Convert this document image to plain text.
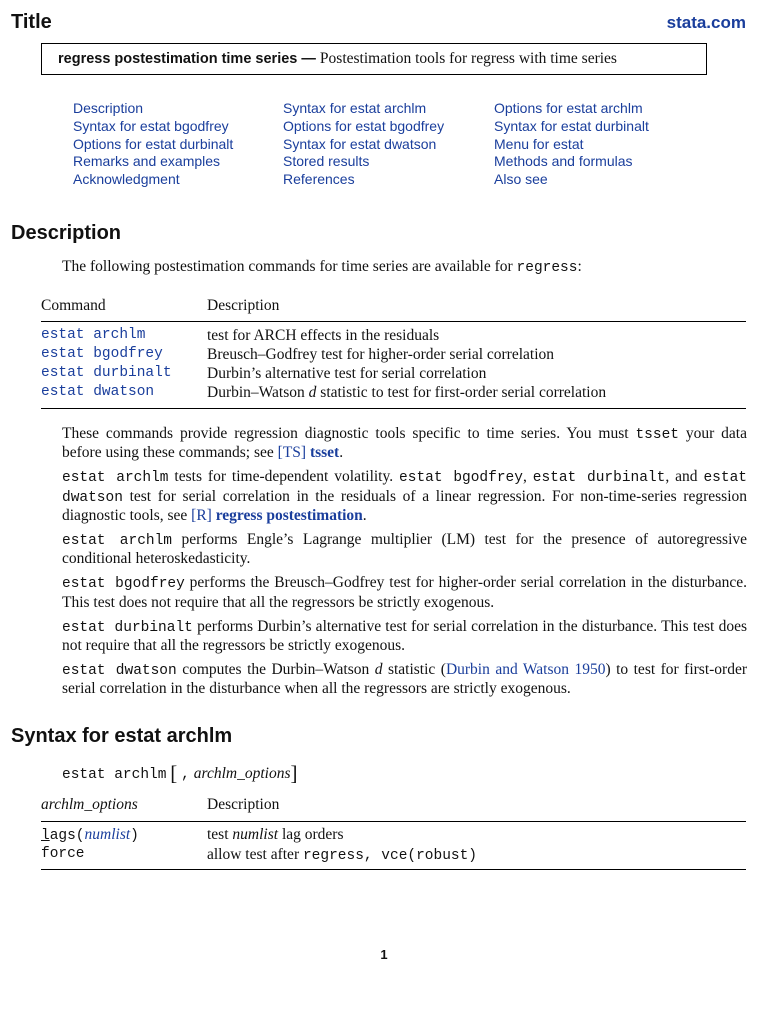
Title	stata.com
regress postestimation time series — Postestimation tools for regress with time series
Description
Syntax for estat bgodfrey
Options for estat durbinalt
Remarks and examples
Acknowledgment
Syntax for estat archlm
Options for estat bgodfrey
Syntax for estat dwatson
Stored results
References
Options for estat archlm
Syntax for estat durbinalt
Menu for estat
Methods and formulas
Also see
Description

The following postestimation commands for time series are available for regress:

Command	Description
estat archlm	test for ARCH effects in the residuals
estat bgodfrey	Breusch–Godfrey test for higher-order serial correlation
estat durbinalt Durbin’s alternative test for serial correlation
estat dwatson	Durbin–Watson d statistic to test for first-order serial correlation

These commands provide regression diagnostic tools specific to time series. You must tsset your data before using these commands; see [TS] tsset.

estat archlm tests for time-dependent volatility. estat bgodfrey, estat durbinalt, and estat dwatson test for serial correlation in the residuals of a linear regression. For non-time-series regression diagnostic tools, see [R] regress postestimation.

estat archlm performs Engle’s Lagrange multiplier (LM) test for the presence of autoregressive conditional heteroskedasticity.

estat bgodfrey performs the Breusch–Godfrey test for higher-order serial correlation in the disturbance. This test does not require that all the regressors be strictly exogenous.

estat durbinalt performs Durbin’s alternative test for serial correlation in the disturbance. This test does not require that all the regressors be strictly exogenous.

estat dwatson computes the Durbin–Watson d statistic (Durbin and Watson 1950) to test for first-order serial correlation in the disturbance when all the regressors are strictly exogenous.

Syntax for estat archlm

estat archlm [ , archlm_options]

archlm_options	Description
lags(numlist)	test numlist lag orders
force	allow test after regress, vce(robust)
1
